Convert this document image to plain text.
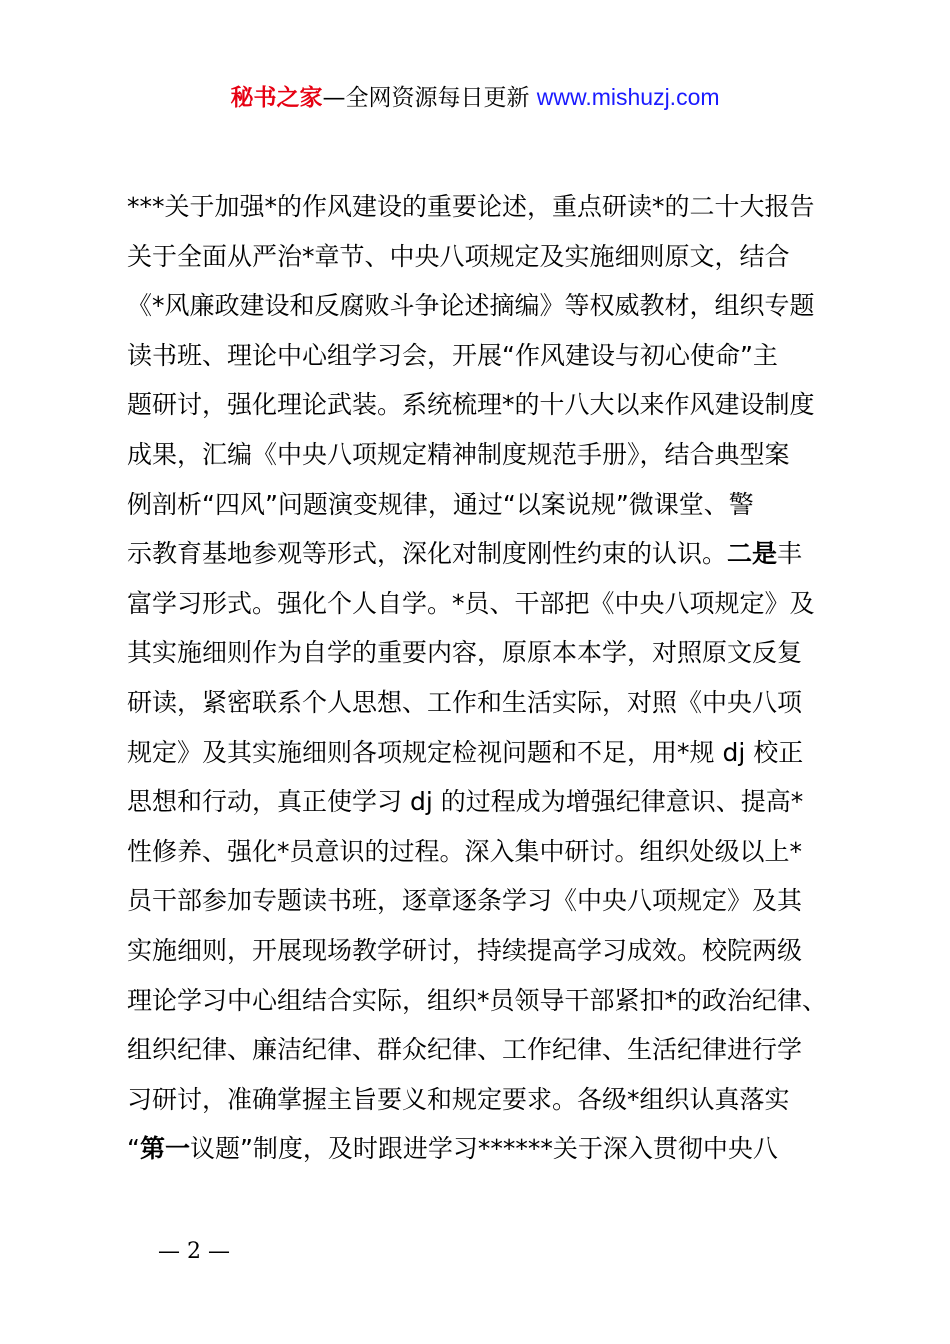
秘书之家—全网资源每日更新 www.mishuzj.com
***关于加强*的作风建设的重要论述，重点研读*的二十大报告
关于全面从严治*章节、中央八项规定及实施细则原文，结合
《*风廉政建设和反腐败斗争论述摘编》等权威教材，组织专题
读书班、理论中心组学习会，开展“作风建设与初心使命”主
题研讨，强化理论武装。系统梳理*的十八大以来作风建设制度
成果，汇编《中央八项规定精神制度规范手册》，结合典型案
例剖析“四风”问题演变规律，通过“以案说规”微课堂、警
示教育基地参观等形式，深化对制度刚性约束的认识。二是丰
富学习形式。强化个人自学。*员、干部把《中央八项规定》及
其实施细则作为自学的重要内容，原原本本学，对照原文反复
研读，紧密联系个人思想、工作和生活实际，对照《中央八项
规定》及其实施细则各项规定检视问题和不足，用*规 dj 校正
思想和行动，真正使学习 dj 的过程成为增强纪律意识、提高*
性修养、强化*员意识的过程。深入集中研讨。组织处级以上*
员干部参加专题读书班，逐章逐条学习《中央八项规定》及其
实施细则，开展现场教学研讨，持续提高学习成效。校院两级
理论学习中心组结合实际，组织*员领导干部紧扣*的政治纪律、
组织纪律、廉洁纪律、群众纪律、工作纪律、生活纪律进行学
习研讨，准确掌握主旨要义和规定要求。各级*组织认真落实
“第一议题”制度，及时跟进学习******关于深入贯彻中央八
— 2 —
